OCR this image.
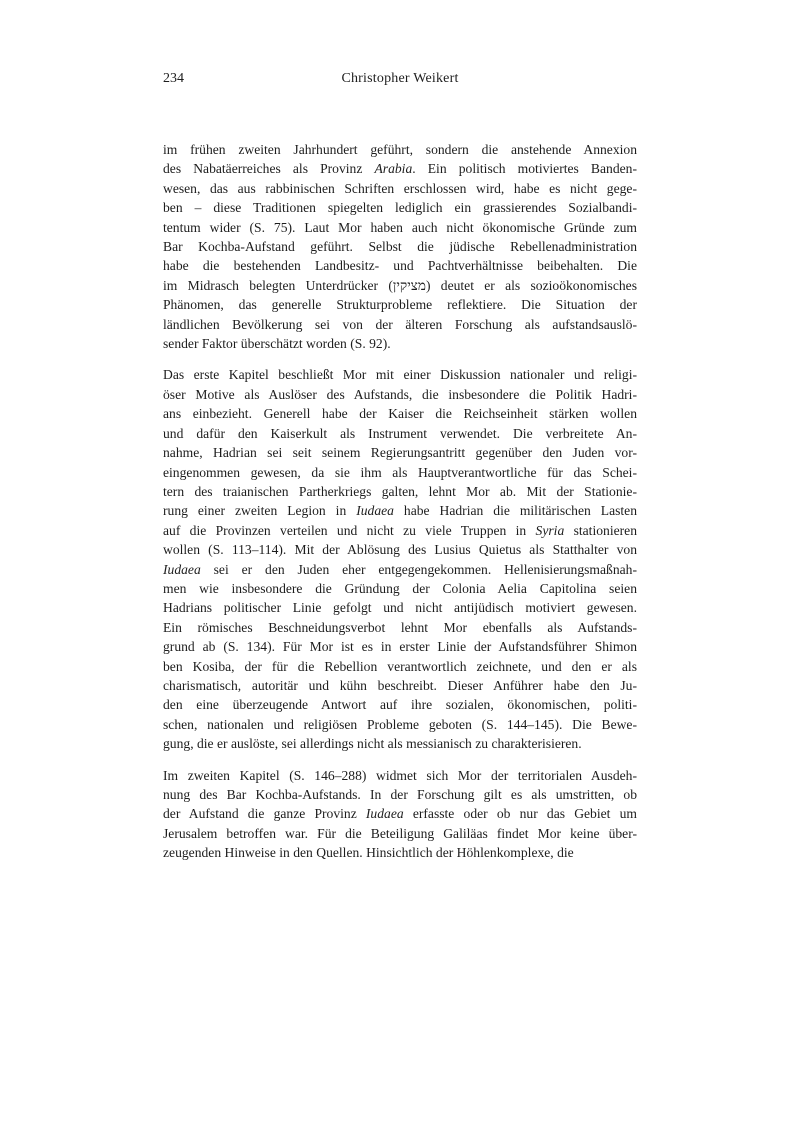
234	Christopher Weikert
im frühen zweiten Jahrhundert geführt, sondern die anstehende Annexion
des Nabatäerreiches als Provinz Arabia. Ein politisch motiviertes Banden-
wesen, das aus rabbinischen Schriften erschlossen wird, habe es nicht gege-
ben – diese Traditionen spiegelten lediglich ein grassierendes Sozialbandi-
tentum wider (S. 75). Laut Mor haben auch nicht ökonomische Gründe zum
Bar Kochba-Aufstand geführt. Selbst die jüdische Rebellenadministration
habe die bestehenden Landbesitz- und Pachtverhältnisse beibehalten. Die
im Midrasch belegten Unterdrücker (מציקין) deutet er als sozioökonomisches
Phänomen, das generelle Strukturprobleme reflektiere. Die Situation der
ländlichen Bevölkerung sei von der älteren Forschung als aufstandsauslö-
sender Faktor überschätzt worden (S. 92).
Das erste Kapitel beschließt Mor mit einer Diskussion nationaler und religi-
öser Motive als Auslöser des Aufstands, die insbesondere die Politik Hadri-
ans einbezieht. Generell habe der Kaiser die Reichseinheit stärken wollen
und dafür den Kaiserkult als Instrument verwendet. Die verbreitete An-
nahme, Hadrian sei seit seinem Regierungsantritt gegenüber den Juden vor-
eingenommen gewesen, da sie ihm als Hauptverantwortliche für das Schei-
tern des traianischen Partherkriegs galten, lehnt Mor ab. Mit der Stationie-
rung einer zweiten Legion in Iudaea habe Hadrian die militärischen Lasten
auf die Provinzen verteilen und nicht zu viele Truppen in Syria stationieren
wollen (S. 113–114). Mit der Ablösung des Lusius Quietus als Statthalter von
Iudaea sei er den Juden eher entgegengekommen. Hellenisierungsmaßnah-
men wie insbesondere die Gründung der Colonia Aelia Capitolina seien
Hadrians politischer Linie gefolgt und nicht antijüdisch motiviert gewesen.
Ein römisches Beschneidungsverbot lehnt Mor ebenfalls als Aufstands-
grund ab (S. 134). Für Mor ist es in erster Linie der Aufstandsführer Shimon
ben Kosiba, der für die Rebellion verantwortlich zeichnete, und den er als
charismatisch, autoritär und kühn beschreibt. Dieser Anführer habe den Ju-
den eine überzeugende Antwort auf ihre sozialen, ökonomischen, politi-
schen, nationalen und religiösen Probleme geboten (S. 144–145). Die Bewe-
gung, die er auslöste, sei allerdings nicht als messianisch zu charakterisieren.
Im zweiten Kapitel (S. 146–288) widmet sich Mor der territorialen Ausdeh-
nung des Bar Kochba-Aufstands. In der Forschung gilt es als umstritten, ob
der Aufstand die ganze Provinz Iudaea erfasste oder ob nur das Gebiet um
Jerusalem betroffen war. Für die Beteiligung Galiläas findet Mor keine über-
zeugenden Hinweise in den Quellen. Hinsichtlich der Höhlenkomplexe, die
